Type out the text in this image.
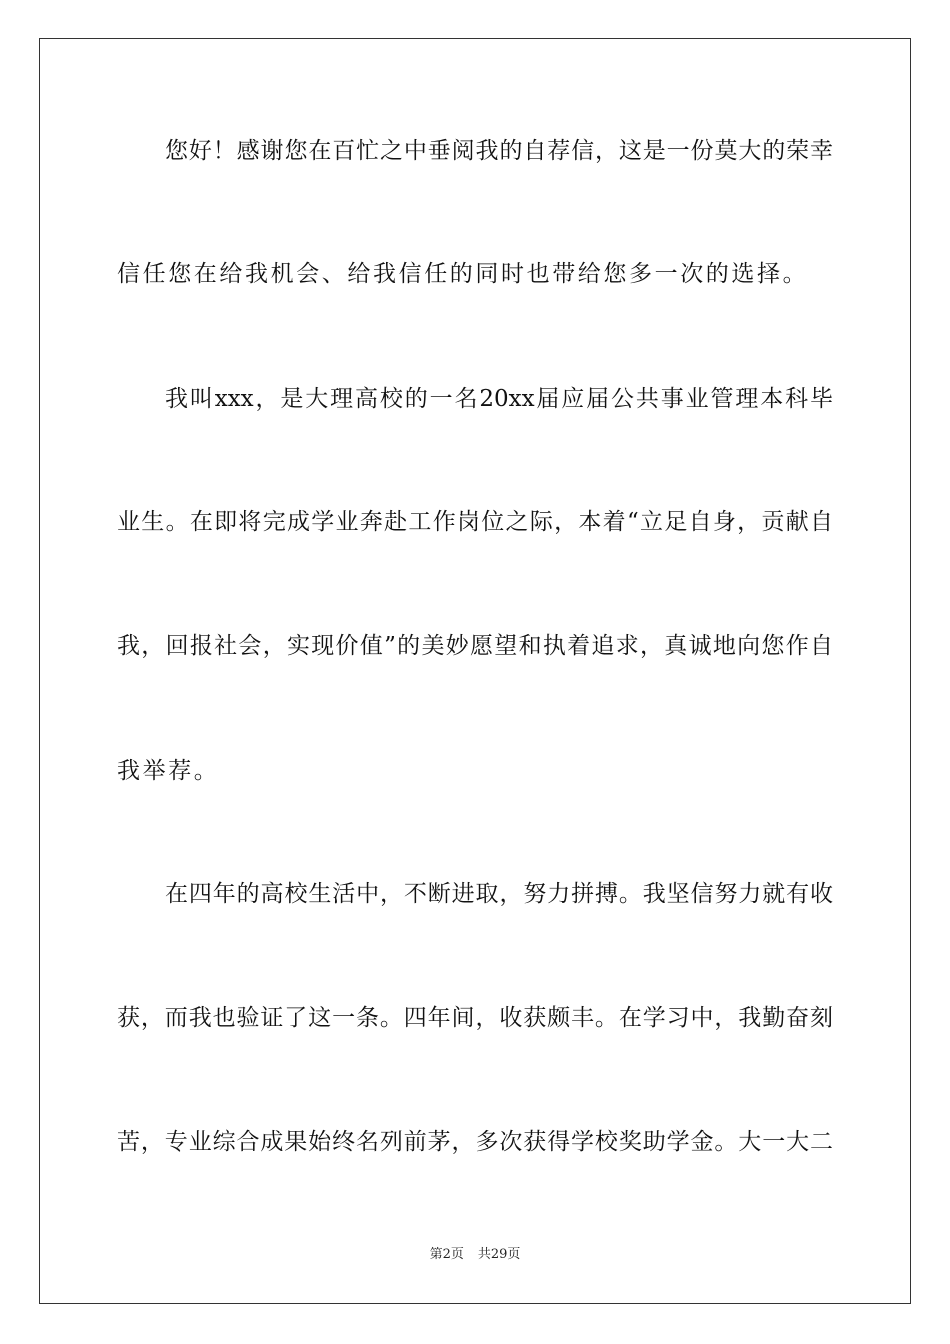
您好！感谢您在百忙之中垂阅我的自荐信，这是一份莫大的荣幸
信任您在给我机会、给我信任的同时也带给您多一次的选择。
我叫xxx，是大理高校的一名20xx届应届公共事业管理本科毕
业生。在即将完成学业奔赴工作岗位之际，本着“立足自身，贡献自
我，回报社会，实现价值”的美妙愿望和执着追求，真诚地向您作自
我举荐。
在四年的高校生活中，不断进取，努力拼搏。我坚信努力就有收
获，而我也验证了这一条。四年间，收获颇丰。在学习中，我勤奋刻
苦，专业综合成果始终名列前茅，多次获得学校奖助学金。大一大二
第2页 共29页
